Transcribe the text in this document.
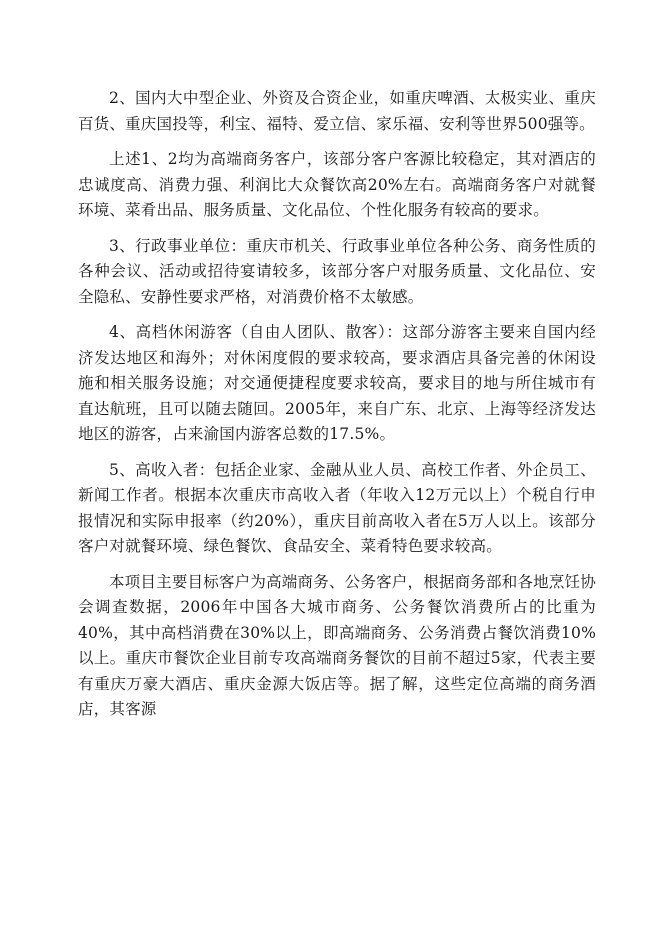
2、国内大中型企业、外资及合资企业，如重庆啤酒、太极实业、重庆百货、重庆国投等，利宝、福特、爱立信、家乐福、安利等世界500强等。

上述1、2均为高端商务客户，该部分客户客源比较稳定，其对酒店的忠诚度高、消费力强、利润比大众餐饮高20%左右。高端商务客户对就餐环境、菜肴出品、服务质量、文化品位、个性化服务有较高的要求。

3、行政事业单位：重庆市机关、行政事业单位各种公务、商务性质的各种会议、活动或招待宴请较多，该部分客户对服务质量、文化品位、安全隐私、安静性要求严格，对消费价格不太敏感。

4、高档休闲游客（自由人团队、散客）：这部分游客主要来自国内经济发达地区和海外；对休闲度假的要求较高，要求酒店具备完善的休闲设施和相关服务设施；对交通便捷程度要求较高，要求目的地与所住城市有直达航班，且可以随去随回。2005年，来自广东、北京、上海等经济发达地区的游客，占来渝国内游客总数的17.5%。

5、高收入者：包括企业家、金融从业人员、高校工作者、外企员工、新闻工作者。根据本次重庆市高收入者（年收入12万元以上）个税自行申报情况和实际申报率（约20%），重庆目前高收入者在5万人以上。该部分客户对就餐环境、绿色餐饮、食品安全、菜肴特色要求较高。

本项目主要目标客户为高端商务、公务客户，根据商务部和各地烹饪协会调查数据，2006年中国各大城市商务、公务餐饮消费所占的比重为40%，其中高档消费在30%以上，即高端商务、公务消费占餐饮消费10%以上。重庆市餐饮企业目前专攻高端商务餐饮的目前不超过5家，代表主要有重庆万豪大酒店、重庆金源大饭店等。据了解，这些定位高端的商务酒店，其客源
